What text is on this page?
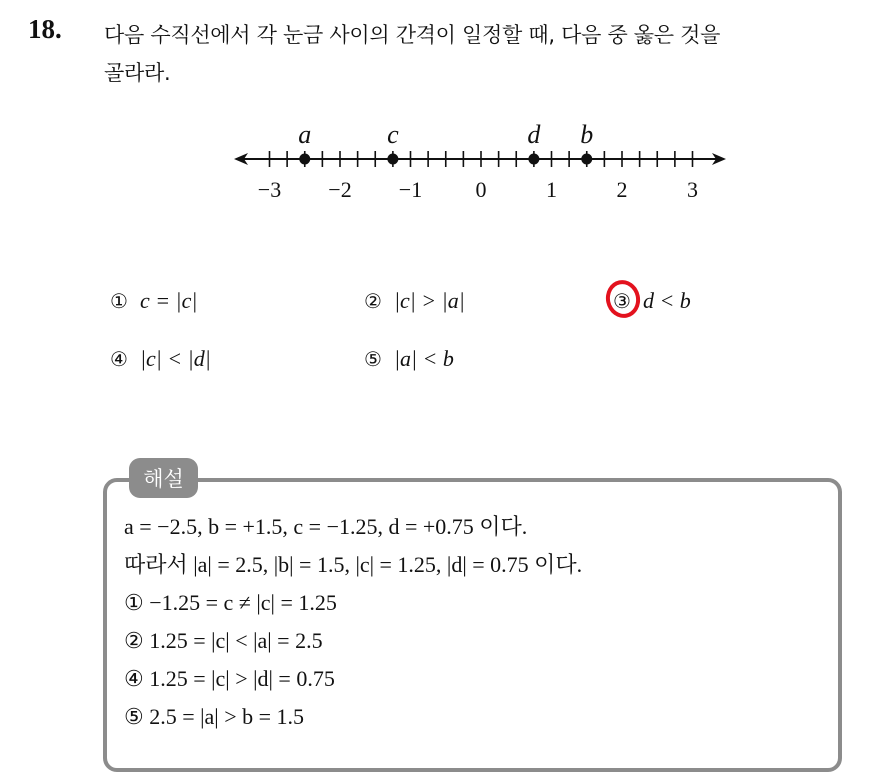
18. 다음 수직선에서 각 눈금 사이의 간격이 일정할 때, 다음 중 옳은 것을
골라라.
−3 −2 −1 0	1	2	3
a	c	d b
① c = |c|	② |c| > |a|	③ d < b
④ |c| < |d|	⑤ |a| < b
해설
a = −2.5, b = +1.5, c = −1.25, d = +0.75 이다.
따라서 |a| = 2.5, |b| = 1.5, |c| = 1.25, |d| = 0.75 이다.
① −1.25 = c ≠ |c| = 1.25
② 1.25 = |c| < |a| = 2.5
④ 1.25 = |c| > |d| = 0.75
⑤ 2.5 = |a| > b = 1.5
